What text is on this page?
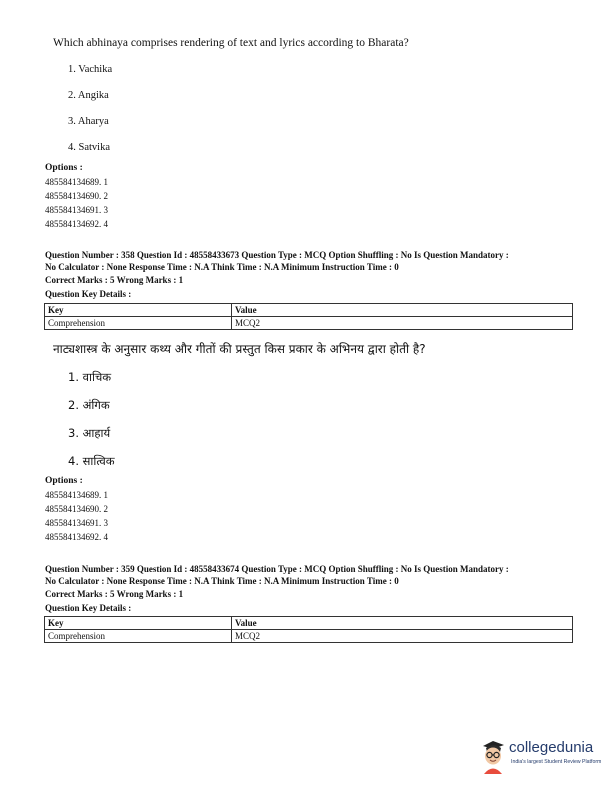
Which abhinaya comprises rendering of text and lyrics according to Bharata?
1. Vachika
2. Angika
3. Aharya
4. Satvika
Options :
485584134689. 1
485584134690. 2
485584134691. 3
485584134692. 4
Question Number : 358 Question Id : 48558433673 Question Type : MCQ Option Shuffling : No Is Question Mandatory :
No Calculator : None Response Time : N.A Think Time : N.A Minimum Instruction Time : 0
Correct Marks : 5 Wrong Marks : 1
Question Key Details :
Key	Value
Comprehension	MCQ2
नाट्यशास्त्र के अनुसार कथ्य और गीतों की प्रस्तुत किस प्रकार के अभिनय द्वारा होती है?
1. वाचिक
2. अंगिक
3. आहार्य
4. सात्विक
Options :
485584134689. 1
485584134690. 2
485584134691. 3
485584134692. 4
Question Number : 359 Question Id : 48558433674 Question Type : MCQ Option Shuffling : No Is Question Mandatory :
No Calculator : None Response Time : N.A Think Time : N.A Minimum Instruction Time : 0
Correct Marks : 5 Wrong Marks : 1
Question Key Details :
Key	Value
Comprehension	MCQ2
collegedunia
India's largest Student Review Platform
